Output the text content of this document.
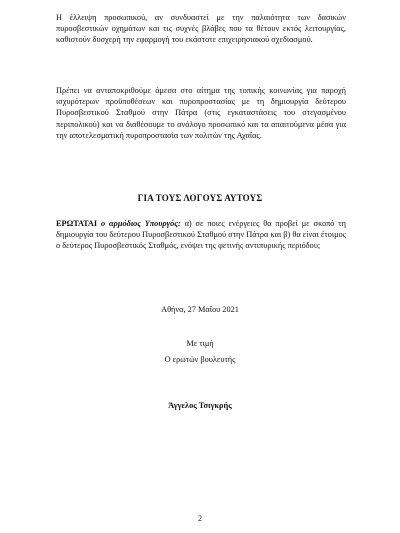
Η έλλειψη προσωπικού, αν συνδυαστεί με την παλαιότητα των δασικών πυροσβεστικών οχημάτων και τις συχνές βλάβες που τα θέτουν εκτός λειτουργίας, καθιστούν δυσχερή την εφαρμογή του εκάστοτε επιχειρησιακού σχεδιασμού.
Πρέπει να ανταποκριθούμε άμεσα στο αίτημα της τοπικής κοινωνίας για παροχή ισχυρότερων προϋποθέσεων και πυροπροστασίας με τη δημιουργία δεύτερου Πυροσβεστικού Σταθμού στην Πάτρα (στις εγκαταστάσεις του στεγασμένου περιπολικού) και να διαθέσουμε το ανάλογο προσωπικό και τα απαιτούμενα μέσα για την αποτελεσματική πυροπροστασία των πολιτών της Αχαΐας.
ΓΙΑ ΤΟΥΣ ΛΟΓΟΥΣ ΑΥΤΟΥΣ
ΕΡΩΤΑΤΑΙ ο αρμόδιος Υπουργός: α) σε ποιες ενέργειες θα προβεί με σκοπό τη δημιουργία του δεύτερου Πυροσβεστικού Σταθμού στην Πάτρα και β) θα είναι έτοιμος ο δεύτερος Πυροσβεστικός Σταθμός, ενόψει της φετινής αντιπυρικής περιόδου;
Αθήνα, 27 Μαΐου 2021
Με τιμή
Ο ερωτών βουλευτής
Άγγελος Τσιγκρής
2
